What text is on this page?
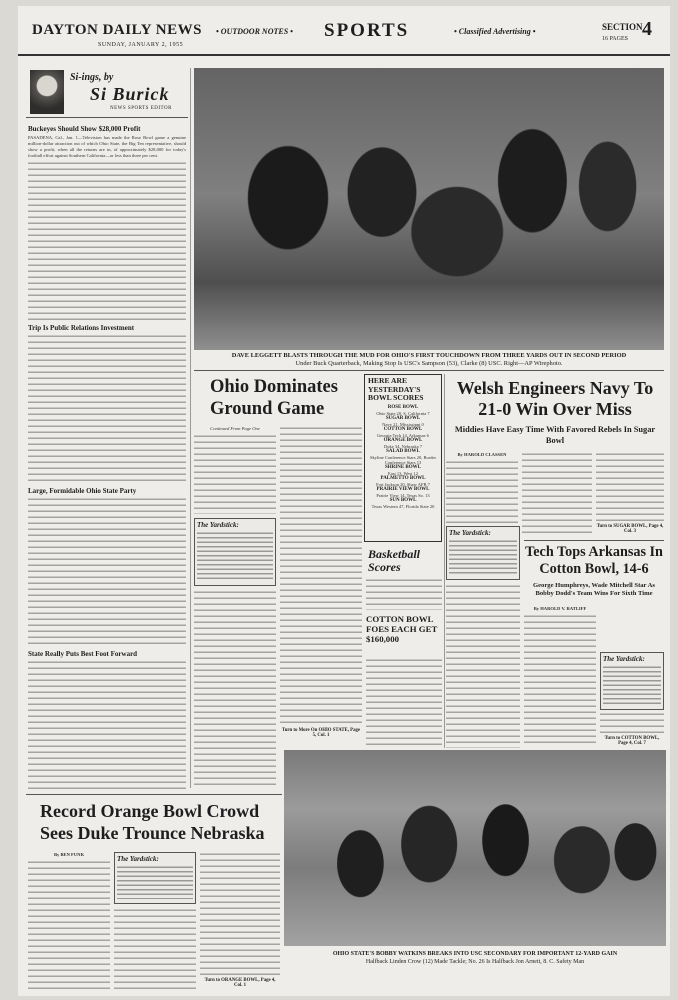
DAYTON DAILY NEWS
SUNDAY, JANUARY 2, 1955
• OUTDOOR NOTES • SPORTS	• Classified Advertising •	SECTION 4
16 PAGES
Si-ings, by
Si Burick
NEWS SPORTS EDITOR
Buckeyes Should Show $28,000 Profit

PASADENA, Cal., Jan. 1—Television has made the Rose Bowl game a genuine million-dollar attraction out of which Ohio State, the Big Ten representative, should show a profit, when all the returns are in, of approximately $28,000 for today's football effort against Southern California—or less than three per cent.

Trip Is Public Relations Investment
Large, Formidable Ohio State Party
State Really Puts Best Foot Forward
DAVE LEGGETT BLASTS THROUGH THE MUD FOR OHIO'S FIRST TOUCHDOWN FROM THREE YARDS OUT IN SECOND PERIOD
Under Buck Quarterback, Making Stop Is USC's Sampson (53), Clarke (8) USC. Right—AP Wirephoto.
Ohio Dominates Ground Game

Continued From Page One

The Yardstick:
Turn to More On OHIO STATE, Page 5, Col. 1
HERE ARE YESTERDAY'S BOWL SCORES
ROSE BOWL
Ohio State 20, S. California 7
SUGAR BOWL
Navy 21, Mississippi 0
COTTON BOWL
Georgia Tech 14, Arkansas 6
ORANGE BOWL
Duke 34, Nebraska 7
SALAD BOWL
Skyline Conference Stars 20, Border Conference Stars 13
SHRINE BOWL
East 13, West 12
PALMETTO BOWL
Fort Jackson 20, Shaw AFB 7
PRAIRIE VIEW BOWL
Prairie View 14, Texas So. 13
SUN BOWL
Texas Western 47, Florida State 20
Basketball Scores
COTTON BOWL FOES EACH GET $160,000
Welsh Engineers Navy To 21-0 Win Over Miss
Middies Have Easy Time With Favored Rebels In Sugar Bowl

By HAROLD CLASSEN

Turn to SUGAR BOWL, Page 4, Col. 3
The Yardstick:
Tech Tops Arkansas In Cotton Bowl, 14-6
George Humphreys, Wade Mitchell Star As Bobby Dodd's Team Wins For Sixth Time

By HAROLD V. RATLIFF

The Yardstick:
Turn to COTTON BOWL, Page 4, Col. 7
Record Orange Bowl Crowd Sees Duke Trounce Nebraska

By BEN FUNK

The Yardstick:
Turn to ORANGE BOWL, Page 4, Col. 1
OHIO STATE'S BOBBY WATKINS BREAKS INTO USC SECONDARY FOR IMPORTANT 12-YARD GAIN
Halfback Linden Crow (12) Made Tackle; No. 26 Is Halfback Jon Arnett, 8. C. Safety Man
